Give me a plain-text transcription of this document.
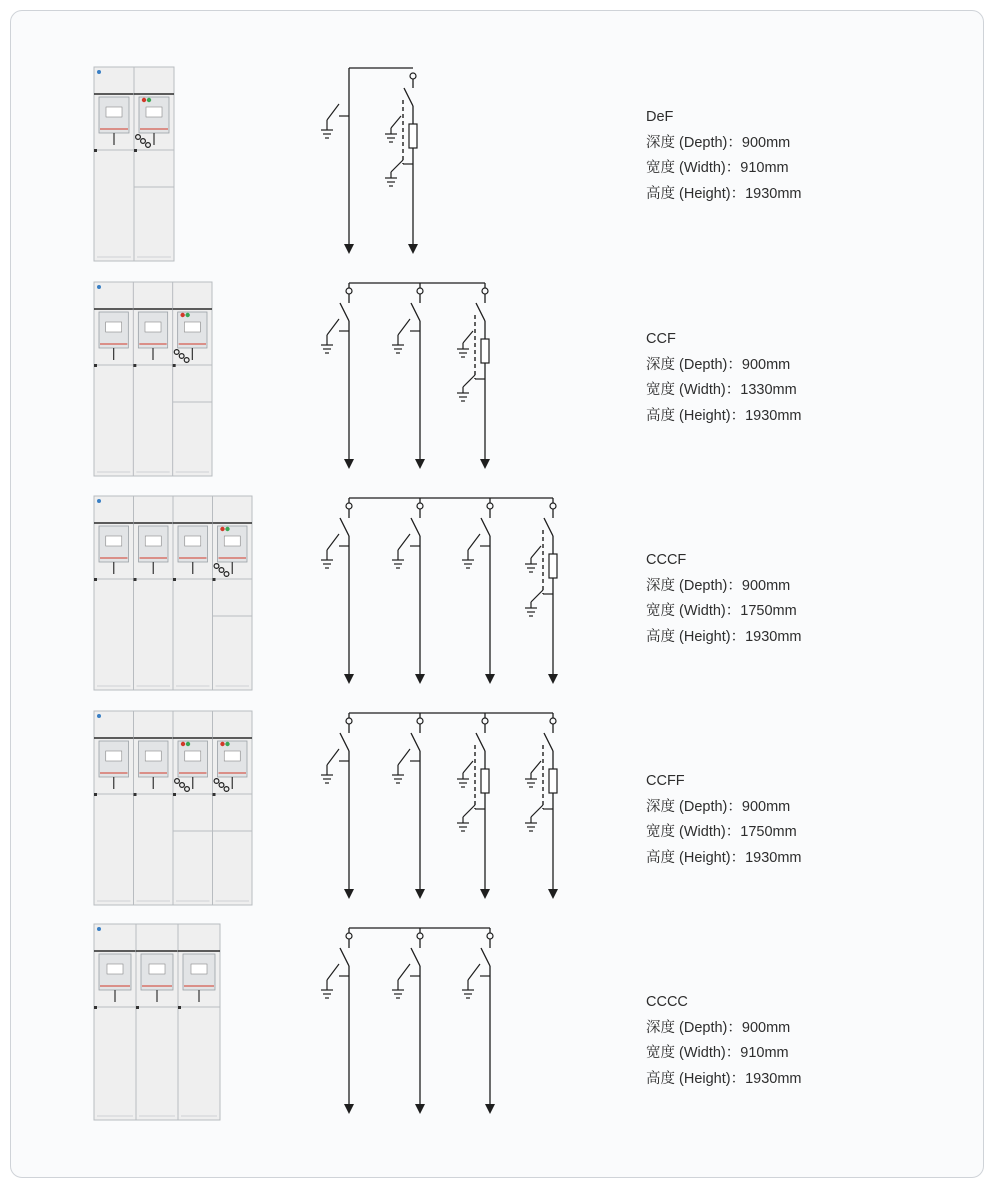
DeF
深度 (Depth)：900mm
宽度 (Width)：910mm
高度 (Height)：1930mm
CCF
深度 (Depth)：900mm
宽度 (Width)：1330mm
高度 (Height)：1930mm
CCCF
深度 (Depth)：900mm
宽度 (Width)：1750mm
高度 (Height)：1930mm
CCFF
深度 (Depth)：900mm
宽度 (Width)：1750mm
高度 (Height)：1930mm
CCCC
深度 (Depth)：900mm
宽度 (Width)：910mm
高度 (Height)：1930mm
